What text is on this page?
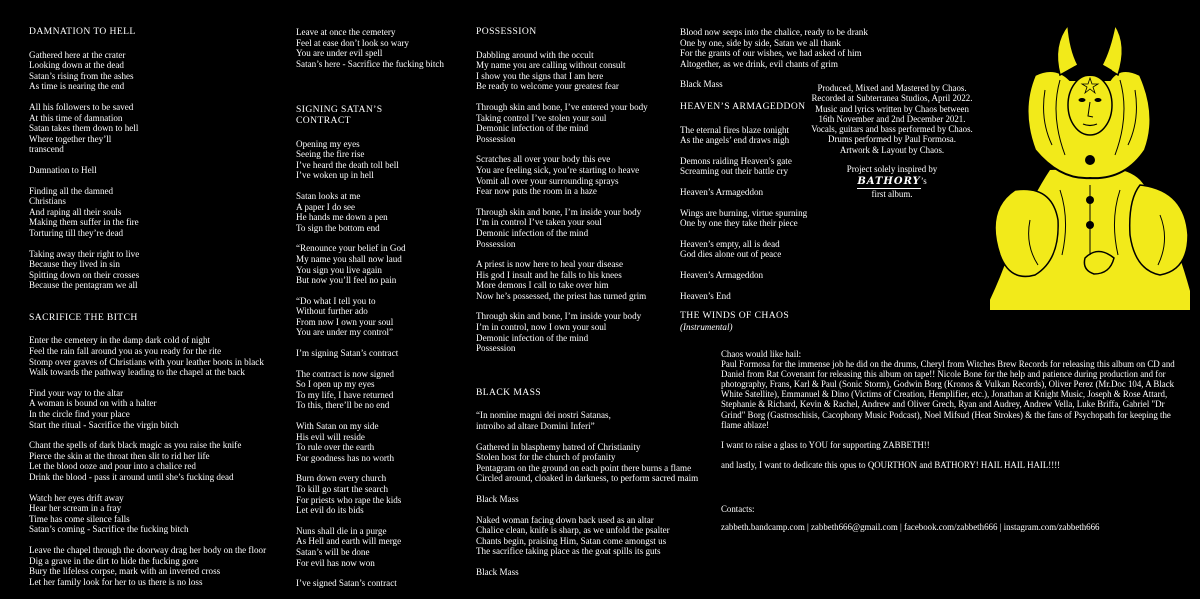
DAMNATION TO HELL
Gathered here at the crater
Looking down at the dead
Satan’s rising from the ashes
As time is nearing the end
All his followers to be saved
At this time of damnation
Satan takes them down to hell
Where together they’ll
transcend
Damnation to Hell
Finding all the damned
Christians
And raping all their souls
Making them suffer in the fire
Torturing till they’re dead
Taking away their right to live
Because they lived in sin
Spitting down on their crosses
Because the pentagram we all
SACRIFICE THE BITCH
Enter the cemetery in the damp dark cold of night
Feel the rain fall around you as you ready for the rite
Stomp over graves of Christians with your leather boots in black
Walk towards the pathway leading to the chapel at the back
Find your way to the altar
A woman is bound on with a halter
In the circle find your place
Start the ritual - Sacrifice the virgin bitch
Chant the spells of dark black magic as you raise the knife
Pierce the skin at the throat then slit to rid her life
Let the blood ooze and pour into a chalice red
Drink the blood - pass it around until she’s fucking dead
Watch her eyes drift away
Hear her scream in a fray
Time has come silence falls
Satan’s coming - Sacrifice the fucking bitch
Leave the chapel through the doorway drag her body on the floor
Dig a grave in the dirt to hide the fucking gore
Bury the lifeless corpse, mark with an inverted cross
Let her family look for her to us there is no loss
Leave at once the cemetery
Feel at ease don’t look so wary
You are under evil spell
Satan’s here - Sacrifice the fucking bitch
SIGNING SATAN’S CONTRACT
Opening my eyes
Seeing the fire rise
I’ve heard the death toll bell
I’ve woken up in hell
Satan looks at me
A paper I do see
He hands me down a pen
To sign the bottom end
“Renounce your belief in God
My name you shall now laud
You sign you live again
But now you’ll feel no pain
“Do what I tell you to
Without further ado
From now I own your soul
You are under my control”
I’m signing Satan’s contract
The contract is now signed
So I open up my eyes
To my life, I have returned
To this, there’ll be no end
With Satan on my side
His evil will reside
To rule over the earth
For goodness has no worth
Burn down every church
To kill go start the search
For priests who rape the kids
Let evil do its bids
Nuns shall die in a purge
As Hell and earth will merge
Satan’s will be done
For evil has now won
I’ve signed Satan’s contract
POSSESSION
Dabbling around with the occult
My name you are calling without consult
I show you the signs that I am here
Be ready to welcome your greatest fear
Through skin and bone, I’ve entered your body
Taking control I’ve stolen your soul
Demonic infection of the mind
Possession
Scratches all over your body this eve
You are feeling sick, you’re starting to heave
Vomit all over your surrounding sprays
Fear now puts the room in a haze
Through skin and bone, I’m inside your body
I’m in control I’ve taken your soul
Demonic infection of the mind
Possession
A priest is now here to heal your disease
His god I insult and he falls to his knees
More demons I call to take over him
Now he’s possessed, the priest has turned grim
Through skin and bone, I’m inside your body
I’m in control, now I own your soul
Demonic infection of the mind
Possession
BLACK MASS
“In nomine magni dei nostri Satanas,
introibo ad altare Domini Inferi”
Gathered in blasphemy hatred of Christianity
Stolen host for the church of profanity
Pentagram on the ground on each point there burns a flame
Circled around, cloaked in darkness, to perform sacred maim
Black Mass
Naked woman facing down back used as an altar
Chalice clean, knife is sharp, as we unfold the psalter
Chants begin, praising Him, Satan come amongst us
The sacrifice taking place as the goat spills its guts
Black Mass
Blood now seeps into the chalice, ready to be drank
One by one, side by side, Satan we all thank
For the grants of our wishes, we had asked of him
Altogether, as we drink, evil chants of grim
Black Mass
HEAVEN’S ARMAGEDDON
The eternal fires blaze tonight
As the angels’ end draws nigh
Demons raiding Heaven’s gate
Screaming out their battle cry
Heaven’s Armageddon
Wings are burning, virtue spurning
One by one they take their piece
Heaven’s empty, all is dead
God dies alone out of peace
Heaven’s Armageddon
Heaven’s End
THE WINDS OF CHAOS
(Instrumental)
Produced, Mixed and Mastered by Chaos.
Recorded at Subterranea Studios, April 2022.
Music and lyrics written by Chaos between
16th November and 2nd December 2021.
Vocals, guitars and bass performed by Chaos.
Drums performed by Paul Formosa.
Artwork & Layout by Chaos.
Project solely inspired by
BATHORY’s
first album.
Chaos would like hail:

Paul Formosa for the immense job he did on the drums, Cheryl from Witches Brew Records for releasing this album on CD and Daniel from Rat Covenant for releasing this album on tape!! Nicole Bone for the help and patience during production and for photography, Frans, Karl & Paul (Sonic Storm), Godwin Borg (Kronos & Vulkan Records), Oliver Perez (Mr.Doc 104, A Black White Satellite), Emmanuel & Dino (Victims of Creation, Hemplifier, etc.), Jonathan at Knight Music, Joseph & Rose Attard, Stephanie & Richard, Kevin & Rachel, Andrew and Oliver Grech, Ryan and Audrey, Andrew Vella, Luke Briffa, Gabriel "Dr Grind" Borg (Gastroschisis, Cacophony Music Podcast), Noel Mifsud (Heat Strokes) & the fans of Psychopath for keeping the flame ablaze!

I want to raise a glass to YOU for supporting ZABBETH!!

and lastly, I want to dedicate this opus to QOURTHON and BATHORY! HAIL HAIL HAIL!!!!

Contacts:
zabbeth.bandcamp.com | zabbeth666@gmail.com | facebook.com/zabbeth666 | instagram.com/zabbeth666
